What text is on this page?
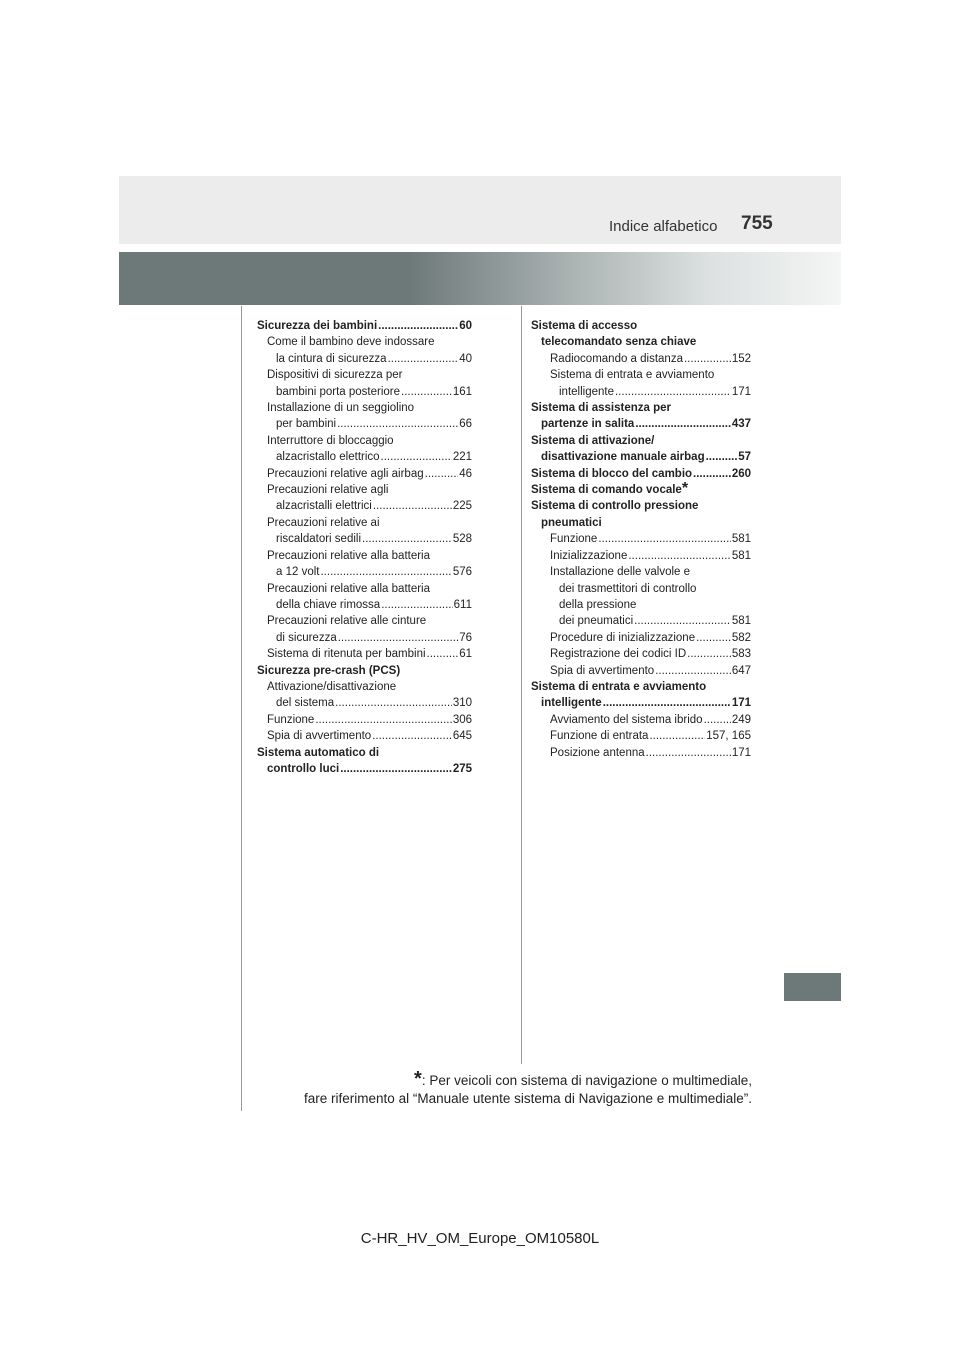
Indice alfabetico 755
Sicurezza dei bambini .....	60
Come il bambino deve indossare
la cintura di sicurezza .....	40
Dispositivi di sicurezza per
bambini porta posteriore .....	161
Installazione di un seggiolino
per bambini .....	66
Interruttore di bloccaggio
alzacristallo elettrico .....	221
Precauzioni relative agli airbag .....	46
Precauzioni relative agli
alzacristalli elettrici .....	225
Precauzioni relative ai
riscaldatori sedili .....	528
Precauzioni relative alla batteria
a 12 volt .....	576
Precauzioni relative alla batteria
della chiave rimossa .....	611
Precauzioni relative alle cinture
di sicurezza .....	76
Sistema di ritenuta per bambini .....	61
Sicurezza pre-crash (PCS)
Attivazione/disattivazione
del sistema .....	310
Funzione .....	306
Spia di avvertimento .....	645
Sistema automatico di
controllo luci .....	275
Sistema di accesso
telecomandato senza chiave
Radiocomando a distanza .....	152
Sistema di entrata e avviamento
intelligente .....	171
Sistema di assistenza per
partenze in salita .....	437
Sistema di attivazione/
disattivazione manuale airbag .....	57
Sistema di blocco del cambio .....	260
Sistema di comando vocale *
Sistema di controllo pressione
pneumatici
Funzione .....	581
Inizializzazione .....	581
Installazione delle valvole e
dei trasmettitori di controllo
della pressione
dei pneumatici .....	581
Procedure di inizializzazione .....	582
Registrazione dei codici ID .....	583
Spia di avvertimento .....	647
Sistema di entrata e avviamento
intelligente .....	171
Avviamento del sistema ibrido .....	249
Funzione di entrata .....	157, 165
Posizione antenna .....	171
*: Per veicoli con sistema di navigazione o multimediale,
fare riferimento al “Manuale utente sistema di Navigazione e multimediale”.
C-HR_HV_OM_Europe_OM10580L
